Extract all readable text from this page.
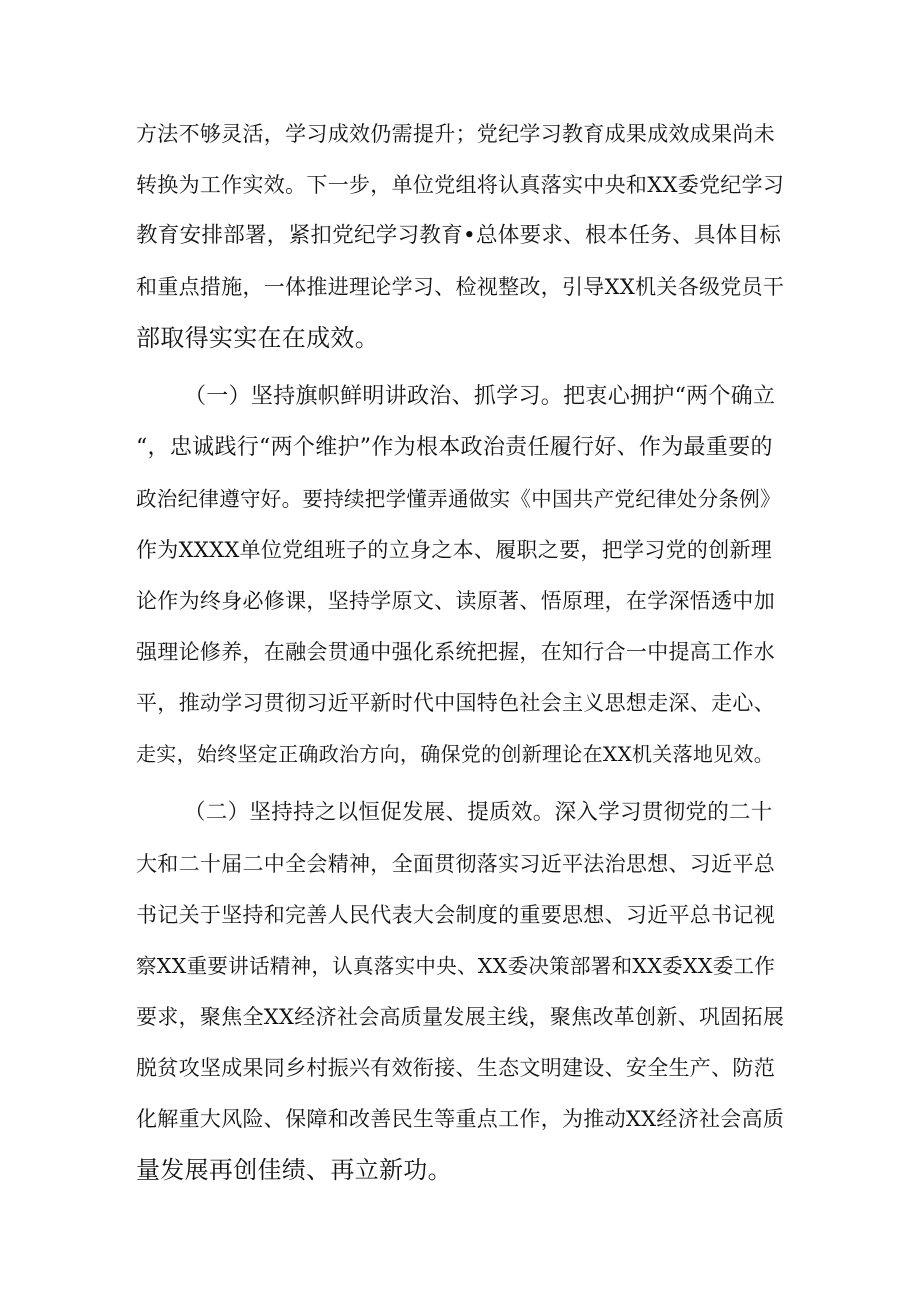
方法不够灵活，学习成效仍需提升；党纪学习教育成果成效成果尚未
转换为工作实效。下一步，单位党组将认真落实中央和XX委党纪学习
教育安排部署，紧扣党纪学习教育•总体要求、根本任务、具体目标
和重点措施，一体推进理论学习、检视整改，引导XX机关各级党员干
部取得实实在在成效。
（一）坚持旗帜鲜明讲政治、抓学习。把衷心拥护“两个确立
“，忠诚践行“两个维护”作为根本政治责任履行好、作为最重要的
政治纪律遵守好。要持续把学懂弄通做实《中国共产党纪律处分条例》
作为XXXX单位党组班子的立身之本、履职之要，把学习党的创新理
论作为终身必修课，坚持学原文、读原著、悟原理，在学深悟透中加
强理论修养，在融会贯通中强化系统把握，在知行合一中提高工作水
平，推动学习贯彻习近平新时代中国特色社会主义思想走深、走心、
走实，始终坚定正确政治方向，确保党的创新理论在XX机关落地见效。
（二）坚持持之以恒促发展、提质效。深入学习贯彻党的二十
大和二十届二中全会精神，全面贯彻落实习近平法治思想、习近平总
书记关于坚持和完善人民代表大会制度的重要思想、习近平总书记视
察XX重要讲话精神，认真落实中央、XX委决策部署和XX委XX委工作
要求，聚焦全XX经济社会高质量发展主线，聚焦改革创新、巩固拓展
脱贫攻坚成果同乡村振兴有效衔接、生态文明建设、安全生产、防范
化解重大风险、保障和改善民生等重点工作，为推动XX经济社会高质
量发展再创佳绩、再立新功。
